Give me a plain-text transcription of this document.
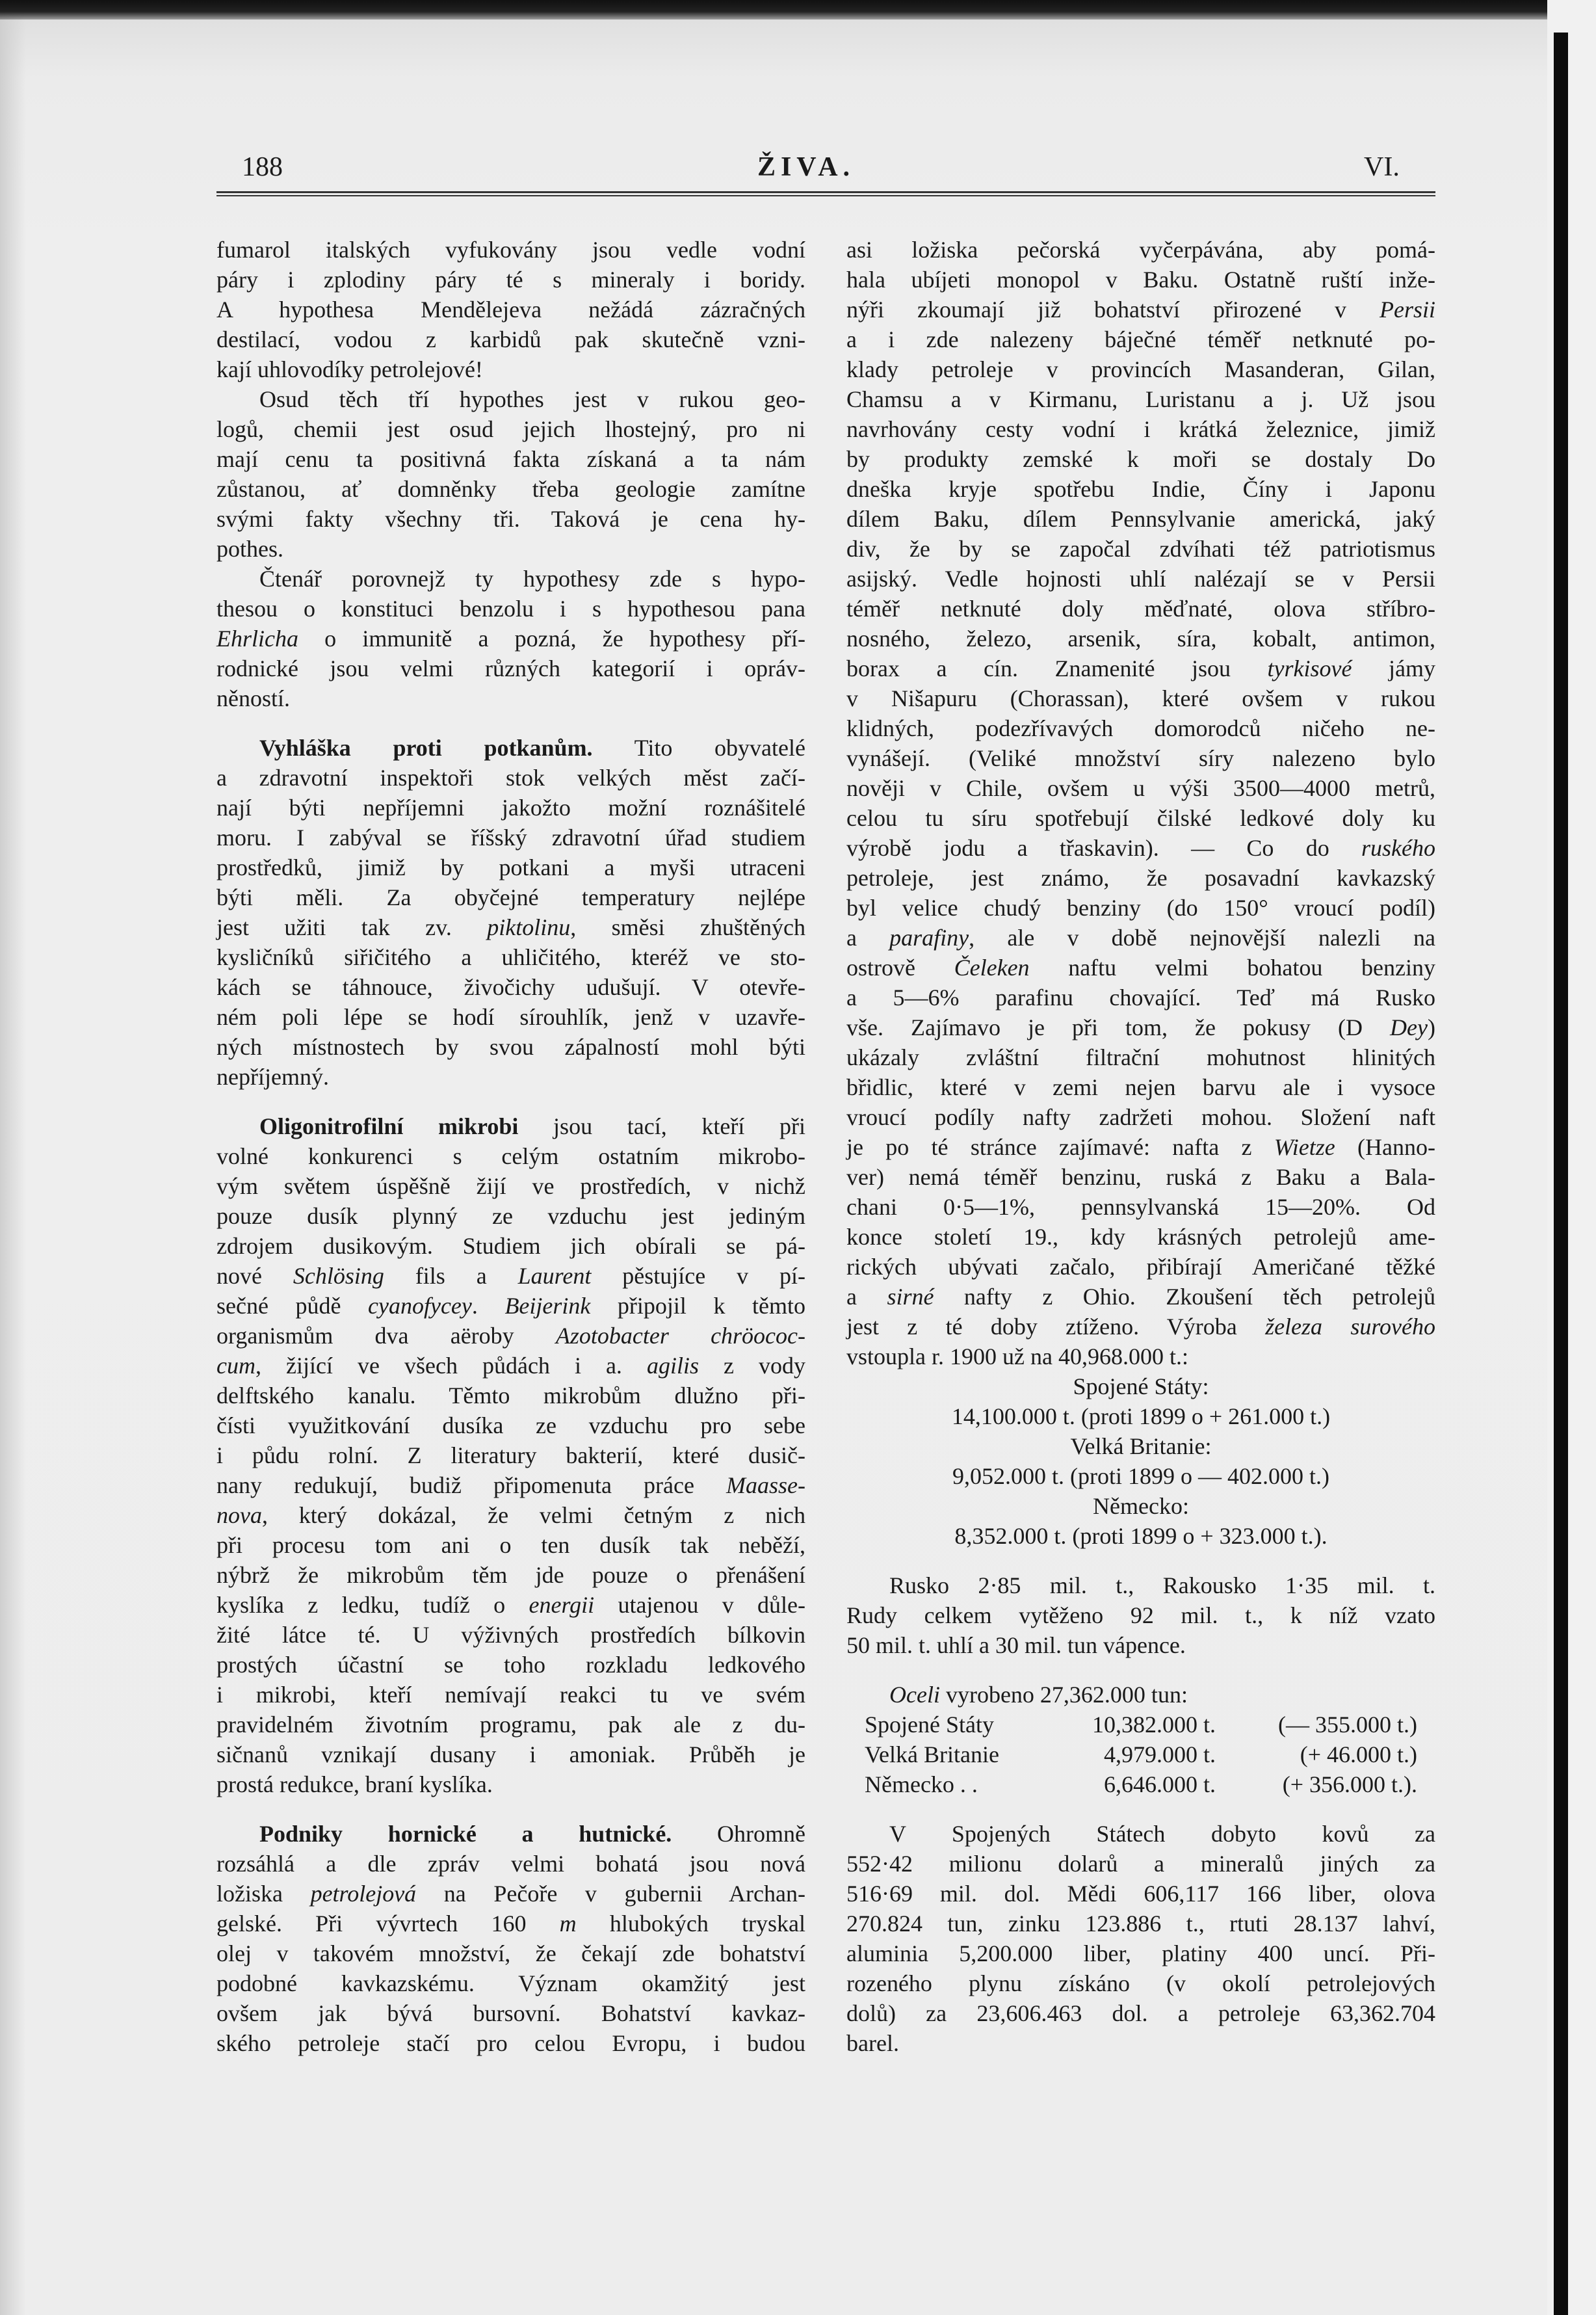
188	ŽIVA.	VI.
fumarol italských vyfukovány jsou vedle vodní
páry i zplodiny páry té s mineraly i boridy.
A hypothesa Mendělejeva nežádá zázračných
destilací, vodou z karbidů pak skutečně vzni-
kají uhlovodíky petrolejové!
Osud těch tří hypothes jest v rukou geo-
logů, chemii jest osud jejich lhostejný, pro ni
mají cenu ta positivná fakta získaná a ta nám
zůstanou, ať domněnky třeba geologie zamítne
svými fakty všechny tři. Taková je cena hy-
pothes.
Čtenář porovnejž ty hypothesy zde s hypo-
thesou o konstituci benzolu i s hypothesou pana
Ehrlicha o immunitě a pozná, že hypothesy pří-
rodnické jsou velmi různých kategorií i opráv-
něností.
Vyhláška proti potkanům. Tito obyvatelé
a zdravotní inspektoři stok velkých měst začí-
nají býti nepříjemni jakožto možní roznášitelé
moru. I zabýval se říšský zdravotní úřad studiem
prostředků, jimiž by potkani a myši utraceni
býti měli. Za obyčejné temperatury nejlépe
jest užiti tak zv. piktolinu, směsi zhuštěných
kysličníků siřičitého a uhličitého, kteréž ve sto-
kách se táhnouce, živočichy udušují. V otevře-
ném poli lépe se hodí sírouhlík, jenž v uzavře-
ných místnostech by svou zápalností mohl býti
nepříjemný.
Oligonitrofilní mikrobi jsou tací, kteří při
volné konkurenci s celým ostatním mikrobo-
vým světem úspěšně žijí ve prostředích, v nichž
pouze dusík plynný ze vzduchu jest jediným
zdrojem dusikovým. Studiem jich obírali se pá-
nové Schlösing fils a Laurent pěstujíce v pí-
sečné půdě cyanofycey. Beijerink připojil k těmto
organismům dva aëroby Azotobacter chröococ-
cum, žijící ve všech půdách i a. agilis z vody
delftského kanalu. Těmto mikrobům dlužno při-
čísti využitkování dusíka ze vzduchu pro sebe
i půdu rolní. Z literatury bakterií, které dusič-
nany redukují, budiž připomenuta práce Maasse-
nova, který dokázal, že velmi četným z nich
při procesu tom ani o ten dusík tak neběží,
nýbrž že mikrobům těm jde pouze o přenášení
kyslíka z ledku, tudíž o energii utajenou v důle-
žité látce té. U výživných prostředích bílkovin
prostých účastní se toho rozkladu ledkového
i mikrobi, kteří nemívají reakci tu ve svém
pravidelném životním programu, pak ale z du-
sičnanů vznikají dusany i amoniak. Průběh je
prostá redukce, braní kyslíka.
Podniky hornické a hutnické. Ohromně
rozsáhlá a dle zpráv velmi bohatá jsou nová
ložiska petrolejová na Pečoře v gubernii Archan-
gelské. Při vývrtech 160 m hlubokých tryskal
olej v takovém množství, že čekají zde bohatství
podobné kavkazskému. Význam okamžitý jest
ovšem jak bývá bursovní. Bohatství kavkaz-
ského petroleje stačí pro celou Evropu, i budou
asi ložiska pečorská vyčerpávána, aby pomá-
hala ubíjeti monopol v Baku. Ostatně ruští inže-
nýři zkoumají již bohatství přirozené v Persii
a i zde nalezeny báječné téměř netknuté po-
klady petroleje v provincích Masanderan, Gilan,
Chamsu a v Kirmanu, Luristanu a j. Už jsou
navrhovány cesty vodní i krátká železnice, jimiž
by produkty zemské k moři se dostaly Do
dneška kryje spotřebu Indie, Číny i Japonu
dílem Baku, dílem Pennsylvanie americká, jaký
div, že by se započal zdvíhati též patriotismus
asijský. Vedle hojnosti uhlí nalézají se v Persii
téměř netknuté doly měďnaté, olova stříbro-
nosného, železo, arsenik, síra, kobalt, antimon,
borax a cín. Znamenité jsou tyrkisové jámy
v Nišapuru (Chorassan), které ovšem v rukou
klidných, podezřívavých domorodců ničeho ne-
vynášejí. (Veliké množství síry nalezeno bylo
nověji v Chile, ovšem u výši 3500—4000 metrů,
celou tu síru spotřebují čilské ledkové doly ku
výrobě jodu a třaskavin). — Co do ruského
petroleje, jest známo, že posavadní kavkazský
byl velice chudý benziny (do 150° vroucí podíl)
a parafiny, ale v době nejnovější nalezli na
ostrově Čeleken naftu velmi bohatou benziny
a 5—6% parafinu chovající. Teď má Rusko
vše. Zajímavo je při tom, že pokusy (D Dey)
ukázaly zvláštní filtrační mohutnost hlinitých
břidlic, které v zemi nejen barvu ale i vysoce
vroucí podíly nafty zadržeti mohou. Složení naft
je po té stránce zajímavé: nafta z Wietze (Hanno-
ver) nemá téměř benzinu, ruská z Baku a Bala-
chani 0·5—1%, pennsylvanská 15—20%. Od
konce století 19., kdy krásných petrolejů ame-
rických ubývati začalo, přibírají Američané těžké
a sirné nafty z Ohio. Zkoušení těch petrolejů
jest z té doby ztíženo. Výroba železa surového
vstoupla r. 1900 už na 40,968.000 t.:
Spojené Státy:
14,100.000 t. (proti 1899 o + 261.000 t.)
Velká Britanie:
9,052.000 t. (proti 1899 o — 402.000 t.)
Německo:
8,352.000 t. (proti 1899 o + 323.000 t.).
Rusko 2·85 mil. t., Rakousko 1·35 mil. t.
Rudy celkem vytěženo 92 mil. t., k níž vzato
50 mil. t. uhlí a 30 mil. tun vápence.
Oceli vyrobeno 27,362.000 tun:
Spojené Státy	10,382.000 t.	(— 355.000 t.)
Velká Britanie	4,979.000 t.	(+ 46.000 t.)
Německo . .	6,646.000 t.	(+ 356.000 t.).
V Spojených Státech dobyto kovů za
552·42 milionu dolarů a mineralů jiných za
516·69 mil. dol. Mědi 606,117 166 liber, olova
270.824 tun, zinku 123.886 t., rtuti 28.137 lahví,
aluminia 5,200.000 liber, platiny 400 uncí. Při-
rozeného plynu získáno (v okolí petrolejových
dolů) za 23,606.463 dol. a petroleje 63,362.704
barel.
